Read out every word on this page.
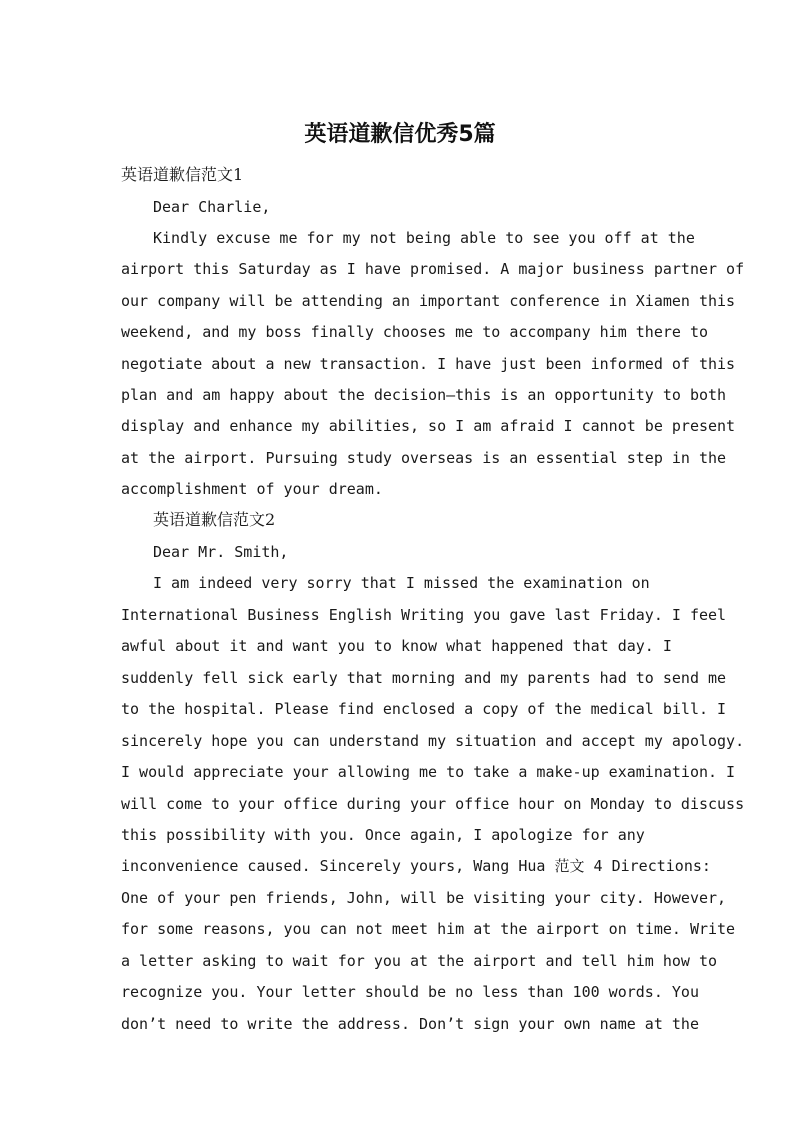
英语道歉信优秀5篇
英语道歉信范文1
Dear Charlie,
Kindly excuse me for my not being able to see you off at the
airport this Saturday as I have promised. A major business partner of
our company will be attending an important conference in Xiamen this
weekend, and my boss finally chooses me to accompany him there to
negotiate about a new transaction. I have just been informed of this
plan and am happy about the decision—this is an opportunity to both
display and enhance my abilities, so I am afraid I cannot be present
at the airport. Pursuing study overseas is an essential step in the
accomplishment of your dream.
英语道歉信范文2
Dear Mr. Smith,
I am indeed very sorry that I missed the examination on
International Business English Writing you gave last Friday. I feel
awful about it and want you to know what happened that day. I
suddenly fell sick early that morning and my parents had to send me
to the hospital. Please find enclosed a copy of the medical bill. I
sincerely hope you can understand my situation and accept my apology.
I would appreciate your allowing me to take a make-up examination. I
will come to your office during your office hour on Monday to discuss
this possibility with you. Once again, I apologize for any
inconvenience caused. Sincerely yours, Wang Hua 范文 4 Directions:
One of your pen friends, John, will be visiting your city. However,
for some reasons, you can not meet him at the airport on time. Write
a letter asking to wait for you at the airport and tell him how to
recognize you. Your letter should be no less than 100 words. You
don’t need to write the address. Don’t sign your own name at the
